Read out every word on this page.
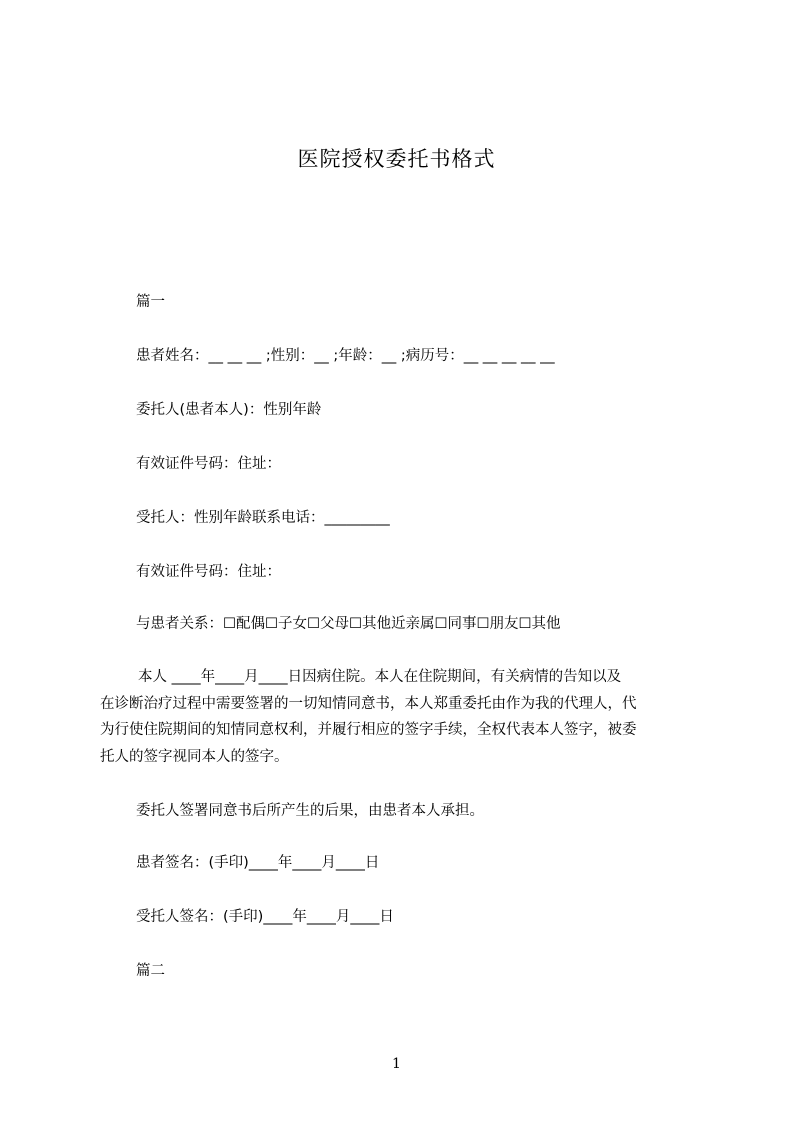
医院授权委托书格式
篇一
患者姓名：__ __ __ ;性别：__ ;年龄：__ ;病历号：__ __ __ __ __
委托人(患者本人)：性别年龄
有效证件号码：住址：
受托人：性别年龄联系电话：_________
有效证件号码：住址：
与患者关系：☐配偶☐子女☐父母☐其他近亲属☐同事☐朋友☐其他
本人 ____年____月____日因病住院。本人在住院期间，有关病情的告知以及
在诊断治疗过程中需要签署的一切知情同意书，本人郑重委托由作为我的代理人，代
为行使住院期间的知情同意权利，并履行相应的签字手续，全权代表本人签字，被委
托人的签字视同本人的签字。
委托人签署同意书后所产生的后果，由患者本人承担。
患者签名：(手印)____年____月____日
受托人签名：(手印)____年____月____日
篇二
1
